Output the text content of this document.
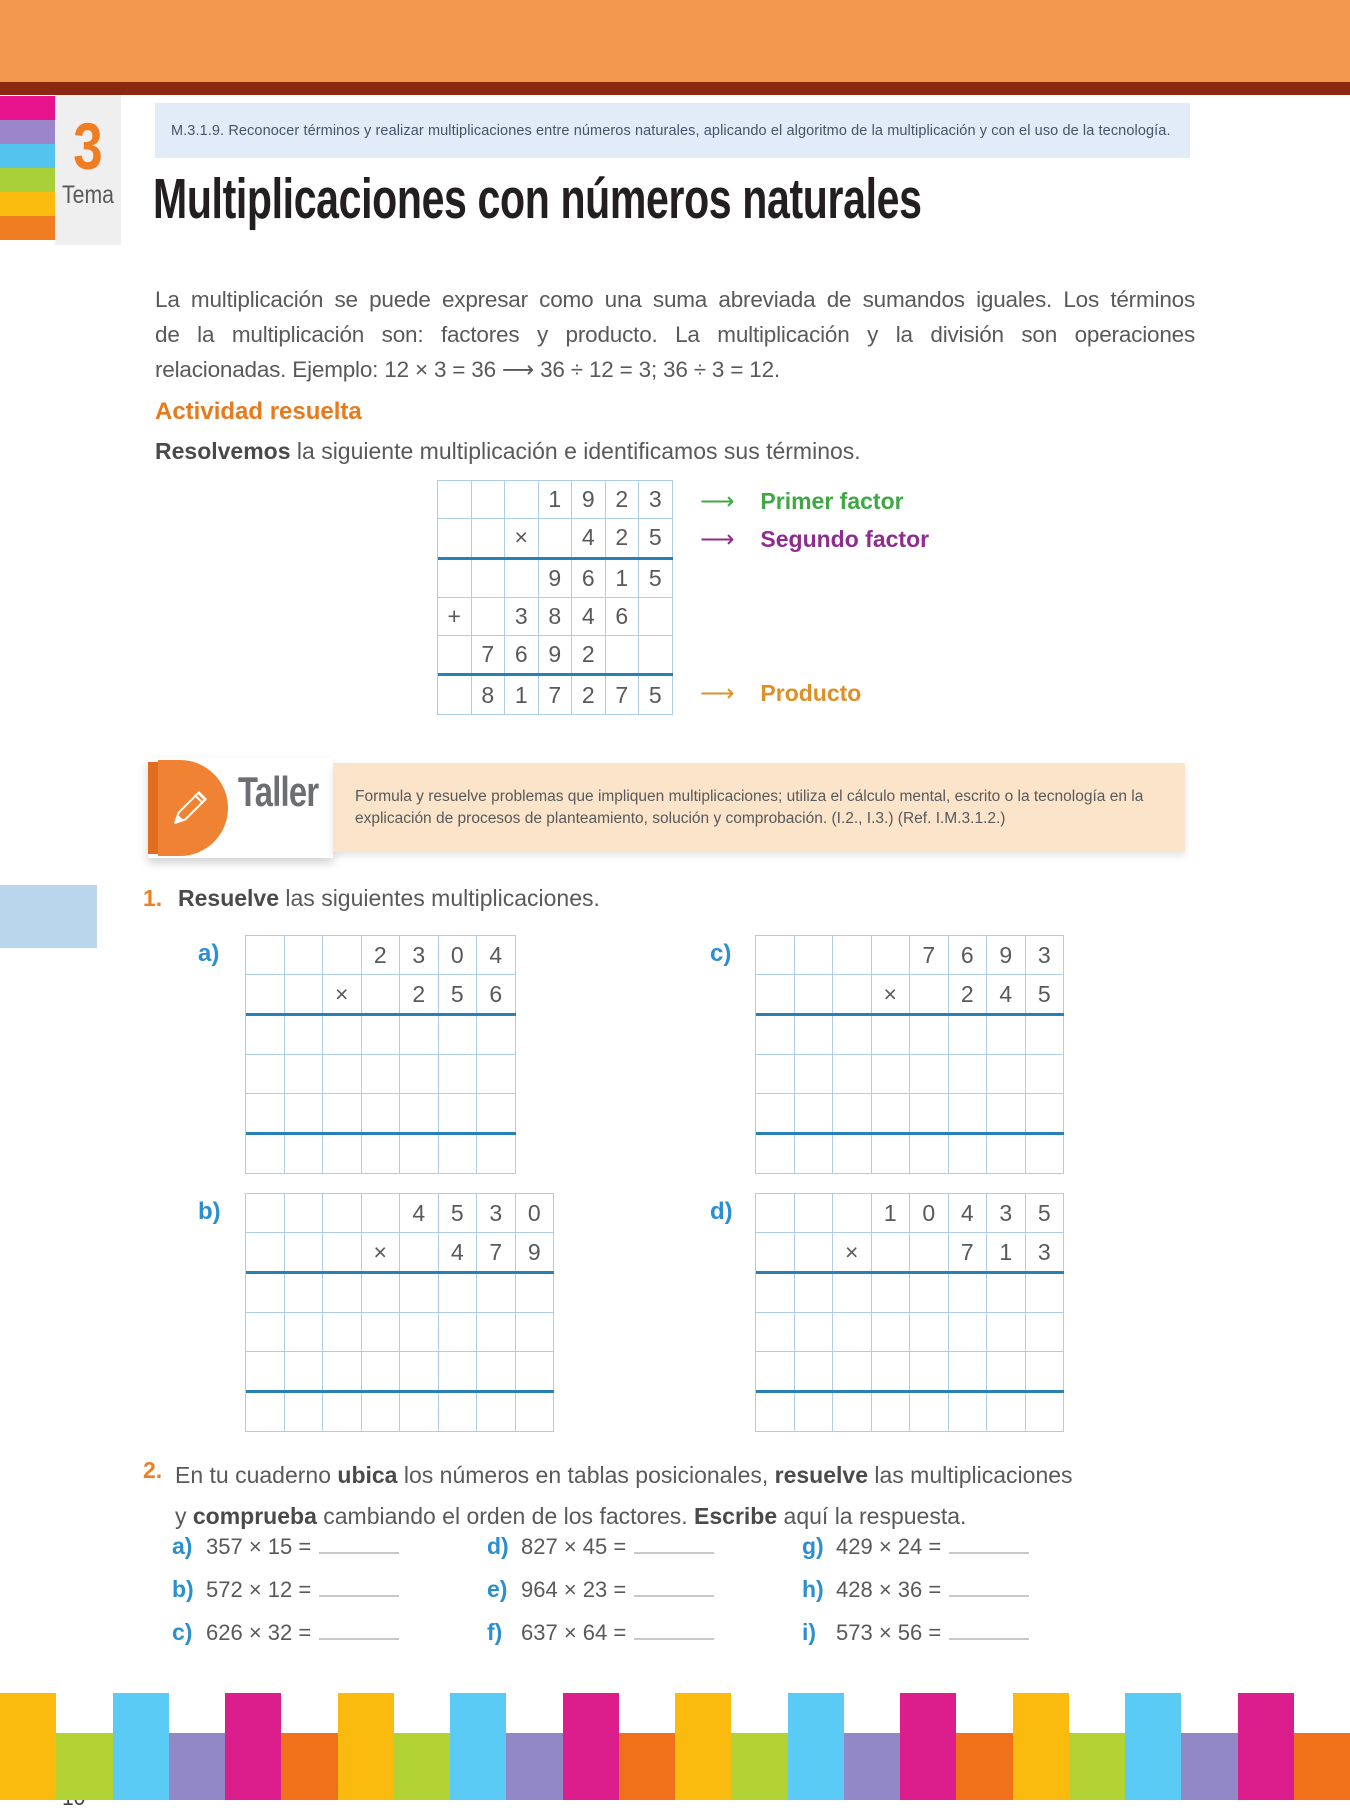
3
Tema
M.3.1.9. Reconocer términos y realizar multiplicaciones entre números naturales, aplicando el algoritmo de la multiplicación y con el uso de la tecnología.
Multiplicaciones con números naturales
La multiplicación se puede expresar como una suma abreviada de sumandos iguales. Los términos
de la multiplicación son: factores y producto. La multiplicación y la división son operaciones
relacionadas. Ejemplo: 12 × 3 = 36 ⟶ 36 ÷ 12 = 3; 36 ÷ 3 = 12.
Actividad resuelta
Resolvemos la siguiente multiplicación e identificamos sus términos.
1 9 2 3
×	4 2 5
9 6 1 5
+	3 8 4 6
7 6 9 2
8 1 7 2 7 5
⟶ Primer factor
⟶ Segundo factor
⟶ Producto
Taller	Formula y resuelve problemas que impliquen multiplicaciones; utiliza el cálculo mental, escrito o la tecnología en la explicación de procesos de planteamiento, solución y comprobación. (I.2., I.3.) (Ref. I.M.3.1.2.)
1. Resuelve las siguientes multiplicaciones.
a)	2	3	0	4
×	2	5	6
c)	7	6	9	3
×	2	4	5
b)	4	5	3	0
×	4	7	9
d)	1	0	4	3	5
×	7	1	3
2. En tu cuaderno ubica los números en tablas posicionales, resuelve las multiplicaciones
y comprueba cambiando el orden de los factores. Escribe aquí la respuesta.
a) 357 × 15 =
b) 572 × 12 =
c) 626 × 32 =
d) 827 × 45 =
e) 964 × 23 =
f) 637 × 64 =
g) 429 × 24 =
h) 428 × 36 =
i) 573 × 56 =
